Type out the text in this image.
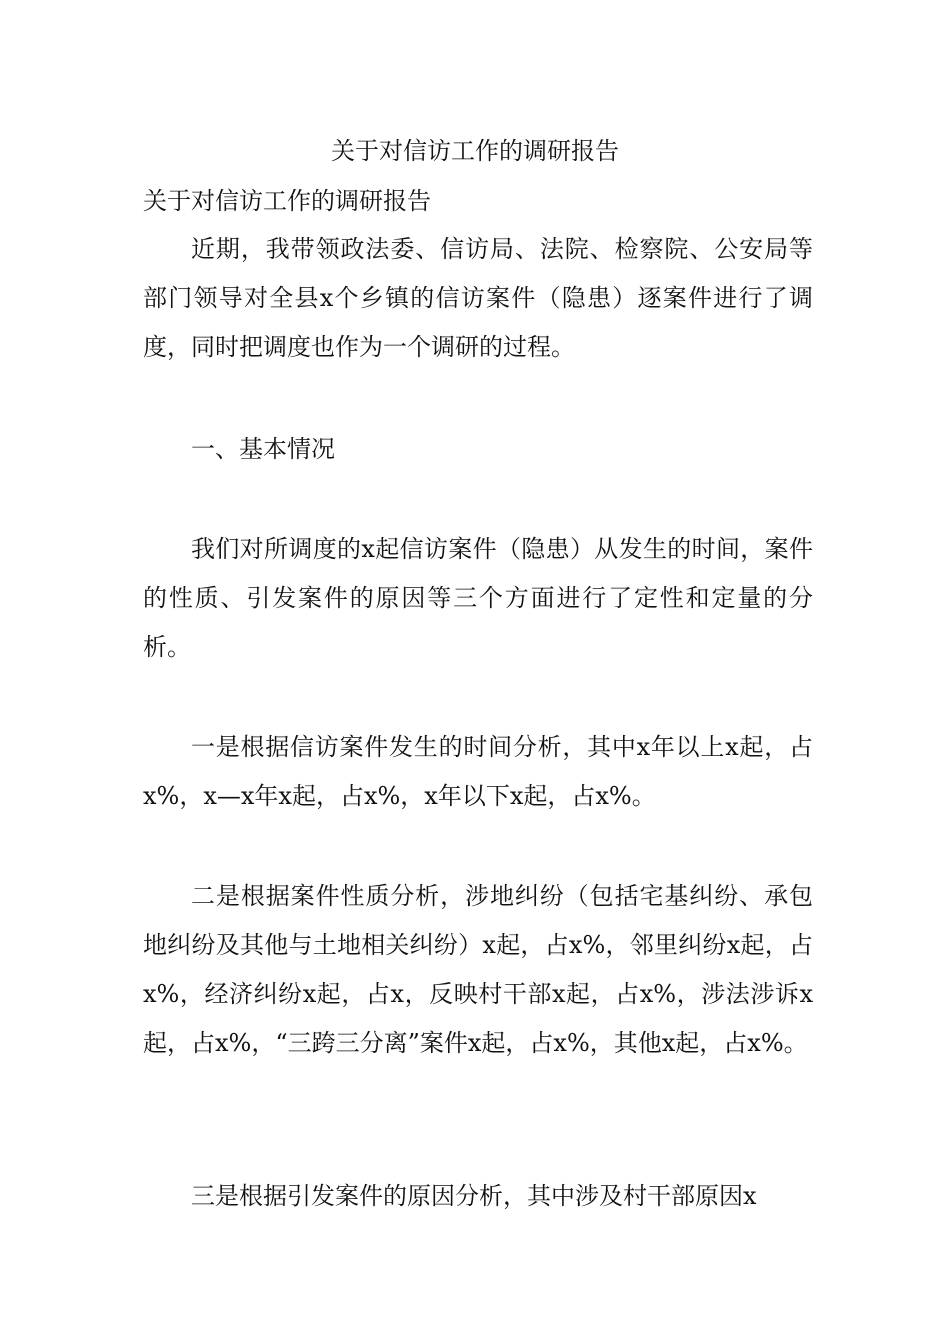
关于对信访工作的调研报告
关于对信访工作的调研报告

近期，我带领政法委、信访局、法院、检察院、公安局等部门领导对全县x个乡镇的信访案件（隐患）逐案件进行了调度，同时把调度也作为一个调研的过程。

一、基本情况

我们对所调度的x起信访案件（隐患）从发生的时间，案件的性质、引发案件的原因等三个方面进行了定性和定量的分析。

一是根据信访案件发生的时间分析，其中x年以上x起，占x%，x—x年x起，占x%，x年以下x起，占x%。

二是根据案件性质分析，涉地纠纷（包括宅基纠纷、承包地纠纷及其他与土地相关纠纷）x起，占x%，邻里纠纷x起，占x%，经济纠纷x起，占x，反映村干部x起，占x%，涉法涉诉x起，占x%，“三跨三分离”案件x起，占x%，其他x起，占x%。

三是根据引发案件的原因分析，其中涉及村干部原因x
